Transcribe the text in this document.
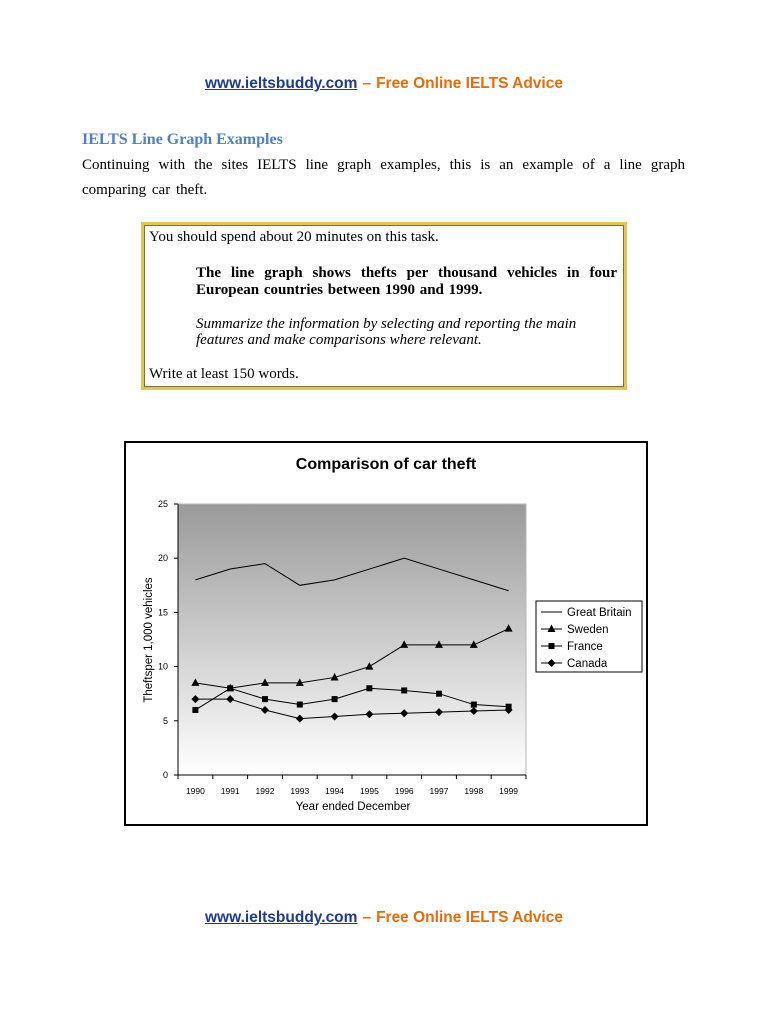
www.ieltsbuddy.com – Free Online IELTS Advice
IELTS Line Graph Examples

Continuing with the sites IELTS line graph examples, this is an example of a line graph comparing car theft.

You should spend about 20 minutes on this task.

The line graph shows thefts per thousand vehicles in four European countries between 1990 and 1999.

Summarize the information by selecting and reporting the main features and make comparisons where relevant.

Write at least 150 words.

0
5
10
15
20
25
1990 1991 1992 1993 1994 1995 1996 1997 1998 1999
Comparison of car theft
Year ended December
Theftsper 1,000 vehicles	Great Britain
Sweden
France
Canada
www.ieltsbuddy.com – Free Online IELTS Advice
